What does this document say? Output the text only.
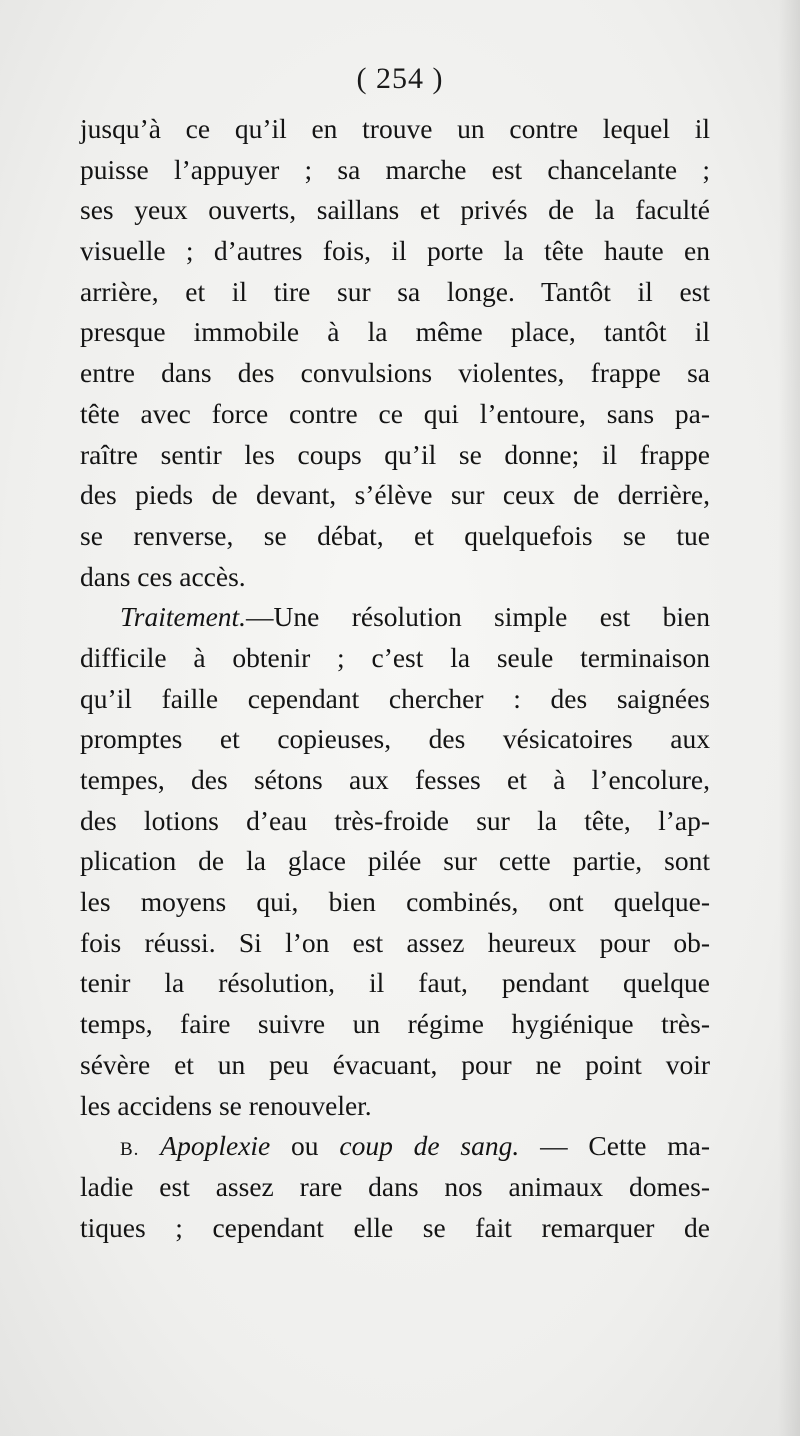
( 254 )
jusqu’à ce qu’il en trouve un contre lequel il
puisse l’appuyer ; sa marche est chancelante ;
ses yeux ouverts, saillans et privés de la faculté
visuelle ; d’autres fois, il porte la tête haute en
arrière, et il tire sur sa longe. Tantôt il est
presque immobile à la même place, tantôt il
entre dans des convulsions violentes, frappe sa
tête avec force contre ce qui l’entoure, sans pa-
raître sentir les coups qu’il se donne; il frappe
des pieds de devant, s’élève sur ceux de derrière,
se renverse, se débat, et quelquefois se tue
dans ces accès.
Traitement.—Une résolution simple est bien
difficile à obtenir ; c’est la seule terminaison
qu’il faille cependant chercher : des saignées
promptes et copieuses, des vésicatoires aux
tempes, des sétons aux fesses et à l’encolure,
des lotions d’eau très-froide sur la tête, l’ap-
plication de la glace pilée sur cette partie, sont
les moyens qui, bien combinés, ont quelque-
fois réussi. Si l’on est assez heureux pour ob-
tenir la résolution, il faut, pendant quelque
temps, faire suivre un régime hygiénique très-
sévère et un peu évacuant, pour ne point voir
les accidens se renouveler.
B. Apoplexie ou coup de sang. — Cette ma-
ladie est assez rare dans nos animaux domes-
tiques ; cependant elle se fait remarquer de
